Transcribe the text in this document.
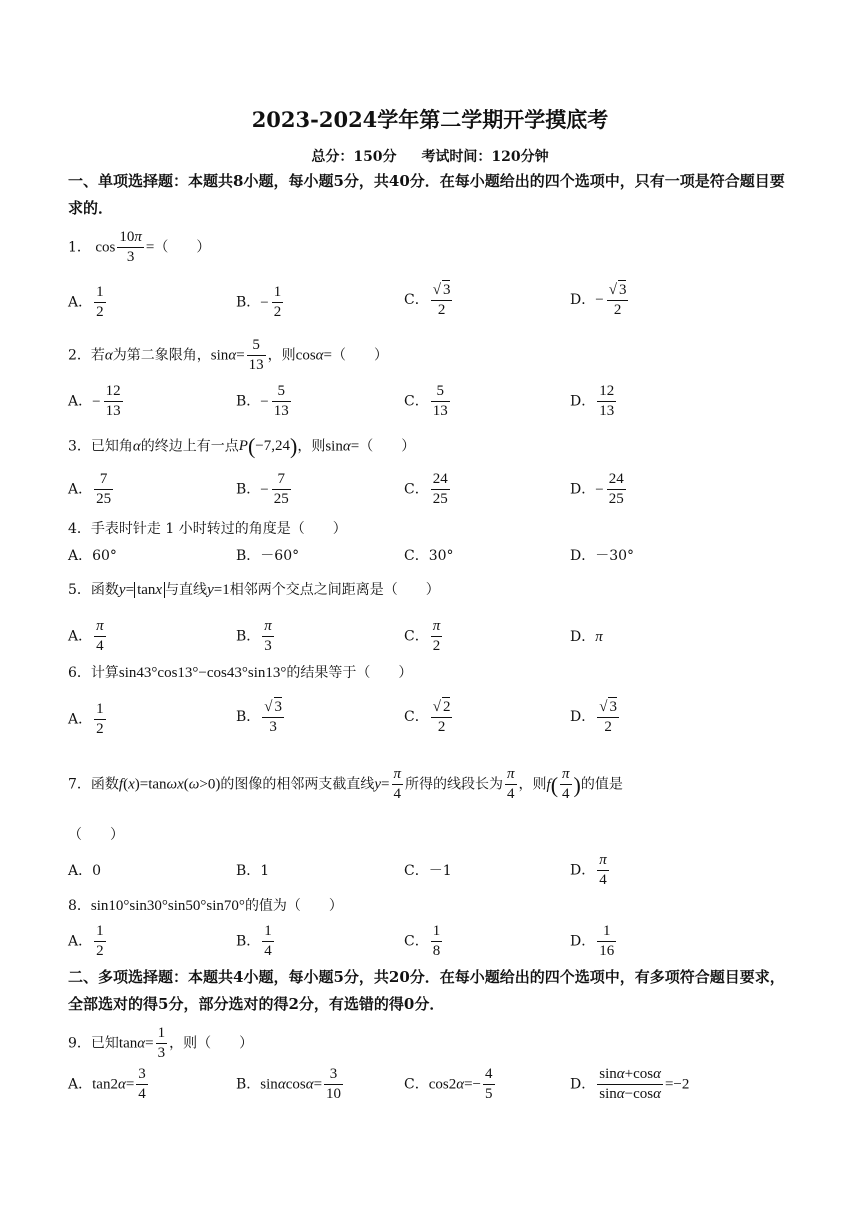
2023-2024学年第二学期开学摸底考
总分：150分 考试时间：120分钟
一、单项选择题：本题共8小题，每小题5分，共40分．在每小题给出的四个选项中，只有一项是符合题目要求的．
1． $\cos \frac{10\pi}{3}$ =（　　）
A． $\frac{1}{2}$	B．− $\frac{1}{2}$	C． $\frac{√ 3}{2}$	D．− $\frac{√ 3}{2}$
2．若α为第二象限角，$\sin\alpha= \frac{5}{13}$ ，则cosα=（　　）
A．− $\frac{12}{13}$	B．− $\frac{5}{13}$	C． $\frac{5}{13}$	D． $\frac{12}{13}$
3．已知角α的终边上有一点P(−7,24)，则sinα=（　　）
A． $\frac{7}{25}$	B．− $\frac{7}{25}$	C． $\frac{24}{25}$	D．− $\frac{24}{25}$
4．手表时针走 1 小时转过的角度是（　　）
A．60°	B．－60°	C．30°	D．－30°
5．函数y= tanx 与直线y=1相邻两个交点之间距离是（　　）
A． $\frac{\pi}{4}$	B． $\frac{\pi}{3}$	C． $\frac{\pi}{2}$	D．π
6．计算sin43°cos13°−cos43°sin13°的结果等于（　　）
A． $\frac{1}{2}$	B． $\frac{√ 3}{3}$	C． $\frac{√ 2}{2}$	D． $\frac{√ 3}{2}$
7．函数f(x)=tanωx(ω>0)的图像的相邻两支截直线$y= \frac{\pi}{4}$ 所得的线段长为 $\frac{\pi}{4}$ ，则$f( \frac{\pi}{4}$ )的值是
（　　）
A．0	B．1	C．－1	D． $\frac{\pi}{4}$
8．sin10°sin30°sin50°sin70°的值为（　　）
A． $\frac{1}{2}$	B． $\frac{1}{4}$	C． $\frac{1}{8}$	D． $\frac{1}{16}$
二、多项选择题：本题共4小题，每小题5分，共20分．在每小题给出的四个选项中，有多项符合题目要求，全部选对的得5分，部分选对的得2分，有选错的得0分．
9．已知$\tan\alpha= \frac{1}{3}$ ，则（　　）
A．$\tan 2\alpha= \frac{3}{4}$	B．$\sin\alpha\cos\alpha= \frac{3}{10}$	C．$\cos 2\alpha=- \frac{4}{5}$	D． $\frac{\sin\alpha+\cos\alpha}{\sin\alpha-\cos\alpha} =-2$
